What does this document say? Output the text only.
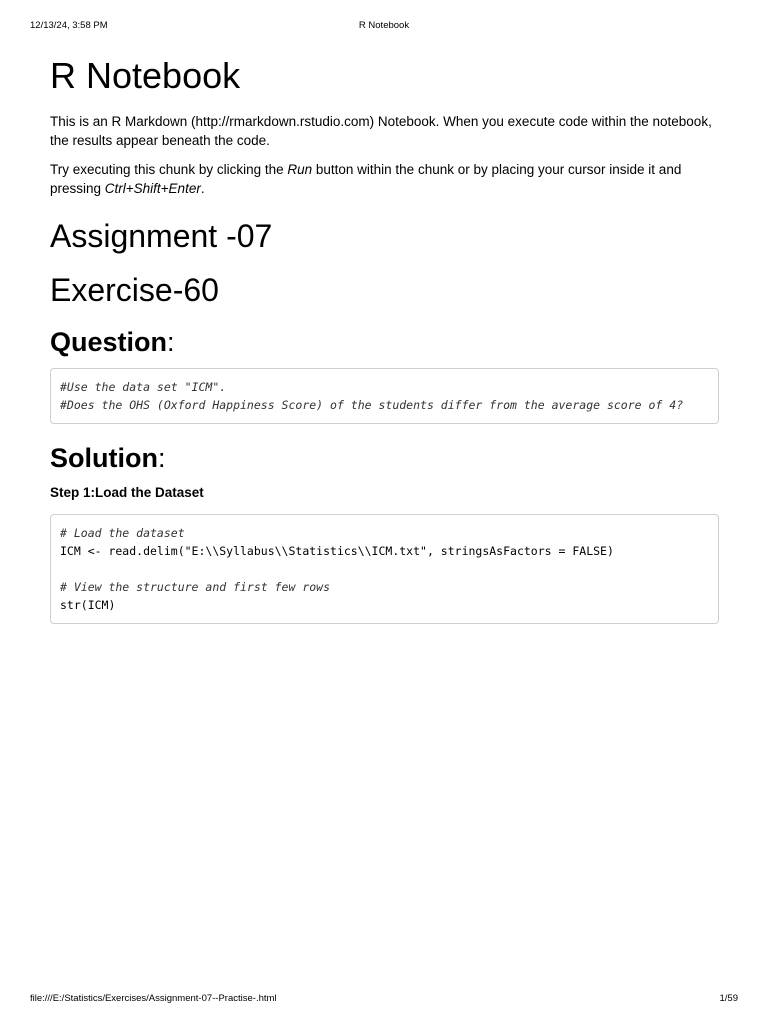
12/13/24, 3:58 PM	R Notebook
R Notebook

This is an R Markdown (http://rmarkdown.rstudio.com) Notebook. When you execute code within the notebook, the results appear beneath the code.

Try executing this chunk by clicking the Run button within the chunk or by placing your cursor inside it and pressing Ctrl+Shift+Enter.

Assignment -07
Exercise-60
Question:
#Use the data set "ICM".
#Does the OHS (Oxford Happiness Score) of the students differ from the average score of 4?
Solution:
Step 1:Load the Dataset
# Load the dataset
ICM <- read.delim("E:\\Syllabus\\Statistics\\ICM.txt", stringsAsFactors = FALSE)
# View the structure and first few rows
str(ICM)
file:///E:/Statistics/Exercises/Assignment-07--Practise-.html	1/59
